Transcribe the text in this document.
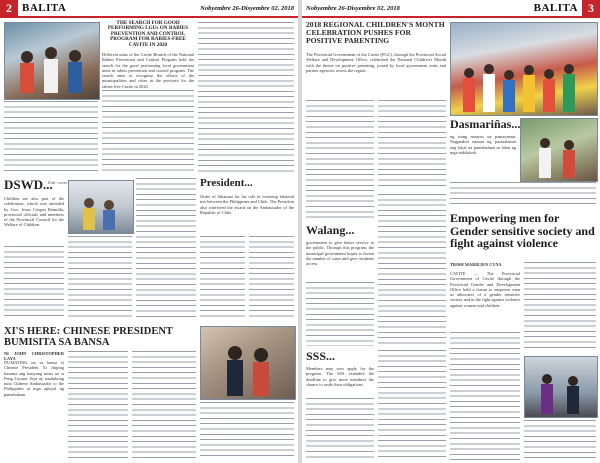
2 BALITA	Nobyembre 26-Disyembre 02, 2018
THE SEARCH FOR GOOD PERFORMING LGUs ON RABIES PREVENTION AND CONTROL PROGRAM FOR RABIES-FREE CAVITE IN 2020
Different units of the Cavite Branch of the National Rabies Prevention and Control Program held the search for the good performing local government units in rabies prevention and control program. The search aims to recognize the efforts of the municipalities and cities in the province for the rabies-free Cavite in 2020.
DSWD...
Kids' corner
Children are also part of the celebration, which was attended by Gov. Jesus Crispin Remulla, provincial officials and members of the Provincial Council for the Welfare of Children.
President...
Order of Sikatuna for his role in fostering bilateral ties between the Philippines and Chile. The President also conferred the award on the Ambassador of the Republic of Chile.
XI'S HERE: CHINESE PRESIDENT BUMISITA SA BANSA
NI JOHN CHRISTOPHER LAYA
DUMATING na sa bansa si Chinese President Xi Jinping kasama ang kanyang misis na si Peng Liyuan. Siya ay sinalubong nina Chinese Ambassador to the Philippines at mga opisyal ng pamahalaan.
Nobyembre 26-Disyembre 02, 2018	BALITA 3
2018 REGIONAL CHILDREN'S MONTH CELEBRATION PUSHES FOR POSITIVE PARENTING
The Provincial Government of the Cavite (PGC), through the Provincial Social Welfare and Development Office, celebrated the National Children's Month with the theme on positive parenting, joined by local government units and partner agencies across the region.
Walang...
government to give better service to the public. Through this program, the municipal government hopes to lessen the number of cases and give residents access.
Dasmariñas...
ng isang maayos na pamayanan. Nagpaabot naman ng pasasalamat ang lokal na pamahalaan sa lahat ng mga nakilahok.
SSS...
Members may now apply for the program. The SSS extended the deadline to give more members the chance to settle their obligations.
Empowering men for Gender sensitive society and fight against violence
TRISH MARIEJEN CUYA
CAVITE — The Provincial Government of Cavite through the Provincial Gender and Development Office held a forum to empower men as advocates of a gender sensitive society and in the fight against violence against women and children.
